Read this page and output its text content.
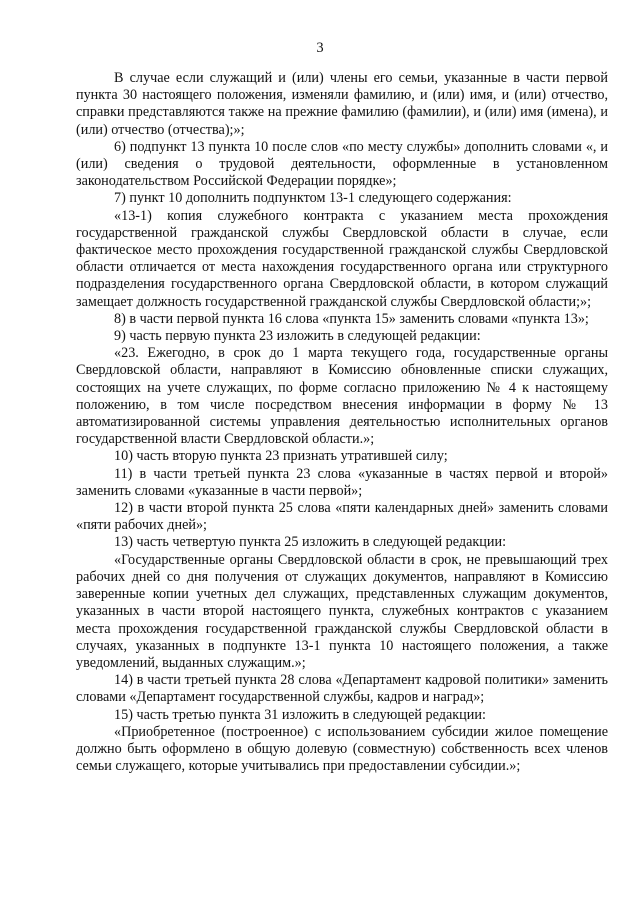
3

В случае если служащий и (или) члены его семьи, указанные в части первой пункта 30 настоящего положения, изменяли фамилию, и (или) имя, и (или) отчество, справки представляются также на прежние фамилию (фамилии), и (или) имя (имена), и (или) отчество (отчества);»;

6) подпункт 13 пункта 10 после слов «по месту службы» дополнить словами «, и (или) сведения о трудовой деятельности, оформленные в установленном законодательством Российской Федерации порядке»;

7) пункт 10 дополнить подпунктом 13-1 следующего содержания:

«13-1) копия служебного контракта с указанием места прохождения государственной гражданской службы Свердловской области в случае, если фактическое место прохождения государственной гражданской службы Свердловской области отличается от места нахождения государственного органа или структурного подразделения государственного органа Свердловской области, в котором служащий замещает должность государственной гражданской службы Свердловской области;»;

8) в части первой пункта 16 слова «пункта 15» заменить словами «пункта 13»;

9) часть первую пункта 23 изложить в следующей редакции:

«23. Ежегодно, в срок до 1 марта текущего года, государственные органы Свердловской области, направляют в Комиссию обновленные списки служащих, состоящих на учете служащих, по форме согласно приложению № 4 к настоящему положению, в том числе посредством внесения информации в форму № 13 автоматизированной системы управления деятельностью исполнительных органов государственной власти Свердловской области.»;

10) часть вторую пункта 23 признать утратившей силу;

11) в части третьей пункта 23 слова «указанные в частях первой и второй» заменить словами «указанные в части первой»;

12) в части второй пункта 25 слова «пяти календарных дней» заменить словами «пяти рабочих дней»;

13) часть четвертую пункта 25 изложить в следующей редакции:

«Государственные органы Свердловской области в срок, не превышающий трех рабочих дней со дня получения от служащих документов, направляют в Комиссию заверенные копии учетных дел служащих, представленных служащим документов, указанных в части второй настоящего пункта, служебных контрактов с указанием места прохождения государственной гражданской службы Свердловской области в случаях, указанных в подпункте 13-1 пункта 10 настоящего положения, а также уведомлений, выданных служащим.»;

14) в части третьей пункта 28 слова «Департамент кадровой политики» заменить словами «Департамент государственной службы, кадров и наград»;

15) часть третью пункта 31 изложить в следующей редакции:

«Приобретенное (построенное) с использованием субсидии жилое помещение должно быть оформлено в общую долевую (совместную) собственность всех членов семьи служащего, которые учитывались при предоставлении субсидии.»;
